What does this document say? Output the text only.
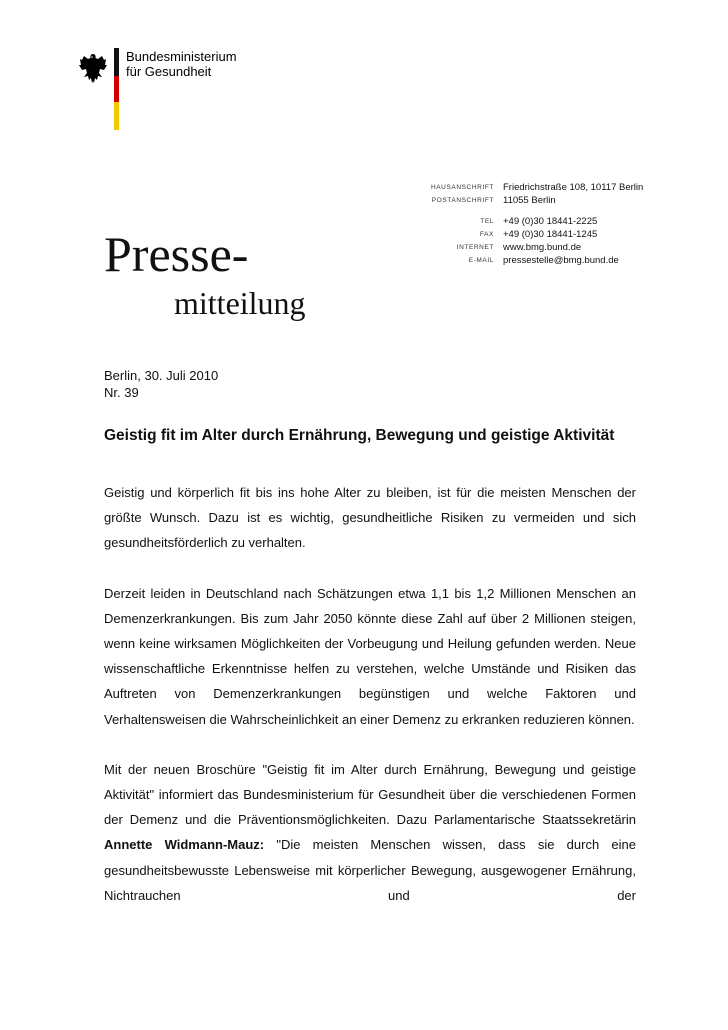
Bundesministerium
für Gesundheit
HAUSANSCHRIFT Friedrichstraße 108, 10117 Berlin
POSTANSCHRIFT 11055 Berlin
TEL +49 (0)30 18441-2225
FAX +49 (0)30 18441-1245
INTERNET www.bmg.bund.de
E-MAIL pressestelle@bmg.bund.de
Presse-
mitteilung
Berlin, 30. Juli 2010
Nr. 39
Geistig fit im Alter durch Ernährung, Bewegung und geistige Aktivität

Geistig und körperlich fit bis ins hohe Alter zu bleiben, ist für die meisten Menschen der größte Wunsch. Dazu ist es wichtig, gesundheitliche Risiken zu vermeiden und sich gesundheitsförderlich zu verhalten.

Derzeit leiden in Deutschland nach Schätzungen etwa 1,1 bis 1,2 Millionen Menschen an Demenzerkrankungen. Bis zum Jahr 2050 könnte diese Zahl auf über 2 Millionen steigen, wenn keine wirksamen Möglichkeiten der Vorbeugung und Heilung gefunden werden. Neue wissenschaftliche Erkenntnisse helfen zu verstehen, welche Umstände und Risiken das Auftreten von Demenzerkrankungen begünstigen und welche Faktoren und Verhaltensweisen die Wahrscheinlichkeit an einer Demenz zu erkranken reduzieren können.

Mit der neuen Broschüre "Geistig fit im Alter durch Ernährung, Bewegung und geistige Aktivität" informiert das Bundesministerium für Gesundheit über die verschiedenen Formen der Demenz und die Präventionsmöglichkeiten. Dazu Parlamentarische Staatssekretärin Annette Widmann-Mauz: "Die meisten Menschen wissen, dass sie durch eine gesundheitsbewusste Lebensweise mit körperlicher Bewegung, ausgewogener Ernährung, Nichtrauchen und der
